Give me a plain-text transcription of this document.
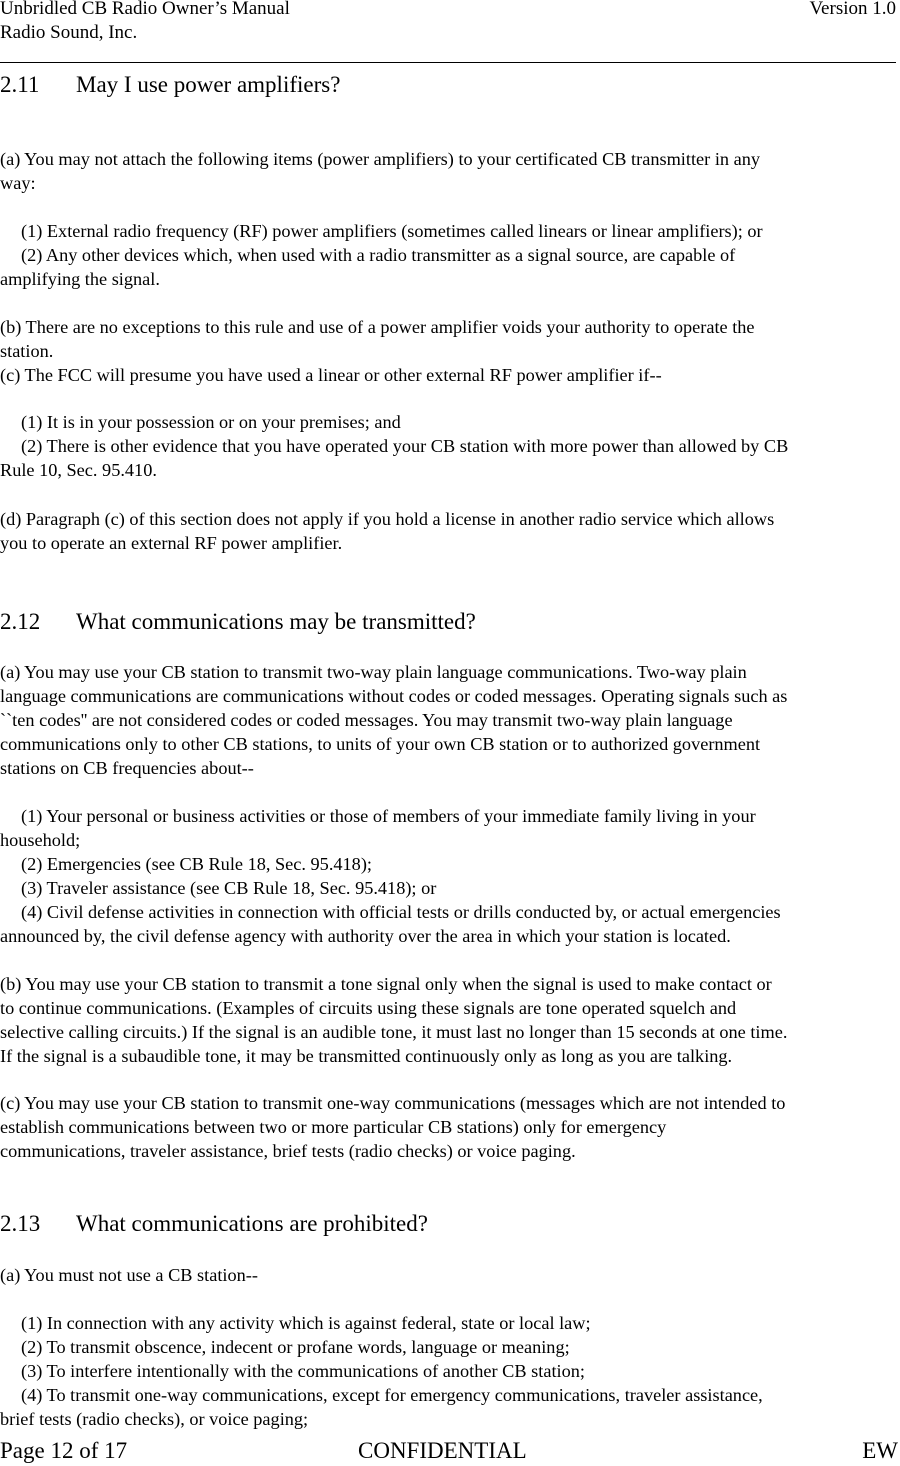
Unbridled CB Radio Owner’s Manual	Version 1.0
Radio Sound, Inc.
2.11 May I use power amplifiers?
(a) You may not attach the following items (power amplifiers) to your certificated CB transmitter in any
way:
(1) External radio frequency (RF) power amplifiers (sometimes called linears or linear amplifiers); or
(2) Any other devices which, when used with a radio transmitter as a signal source, are capable of
amplifying the signal.
(b) There are no exceptions to this rule and use of a power amplifier voids your authority to operate the
station.
(c) The FCC will presume you have used a linear or other external RF power amplifier if--
(1) It is in your possession or on your premises; and
(2) There is other evidence that you have operated your CB station with more power than allowed by CB
Rule 10, Sec. 95.410.
(d) Paragraph (c) of this section does not apply if you hold a license in another radio service which allows
you to operate an external RF power amplifier.
2.12 What communications may be transmitted?
(a) You may use your CB station to transmit two-way plain language communications. Two-way plain
language communications are communications without codes or coded messages. Operating signals such as
``ten codes'' are not considered codes or coded messages. You may transmit two-way plain language
communications only to other CB stations, to units of your own CB station or to authorized government
stations on CB frequencies about--
(1) Your personal or business activities or those of members of your immediate family living in your
household;
(2) Emergencies (see CB Rule 18, Sec. 95.418);
(3) Traveler assistance (see CB Rule 18, Sec. 95.418); or
(4) Civil defense activities in connection with official tests or drills conducted by, or actual emergencies
announced by, the civil defense agency with authority over the area in which your station is located.
(b) You may use your CB station to transmit a tone signal only when the signal is used to make contact or
to continue communications. (Examples of circuits using these signals are tone operated squelch and
selective calling circuits.) If the signal is an audible tone, it must last no longer than 15 seconds at one time.
If the signal is a subaudible tone, it may be transmitted continuously only as long as you are talking.
(c) You may use your CB station to transmit one-way communications (messages which are not intended to
establish communications between two or more particular CB stations) only for emergency
communications, traveler assistance, brief tests (radio checks) or voice paging.
2.13 What communications are prohibited?
(a) You must not use a CB station--
(1) In connection with any activity which is against federal, state or local law;
(2) To transmit obscence, indecent or profane words, language or meaning;
(3) To interfere intentionally with the communications of another CB station;
(4) To transmit one-way communications, except for emergency communications, traveler assistance,
brief tests (radio checks), or voice paging;
Page 12 of 17	CONFIDENTIAL	EW
